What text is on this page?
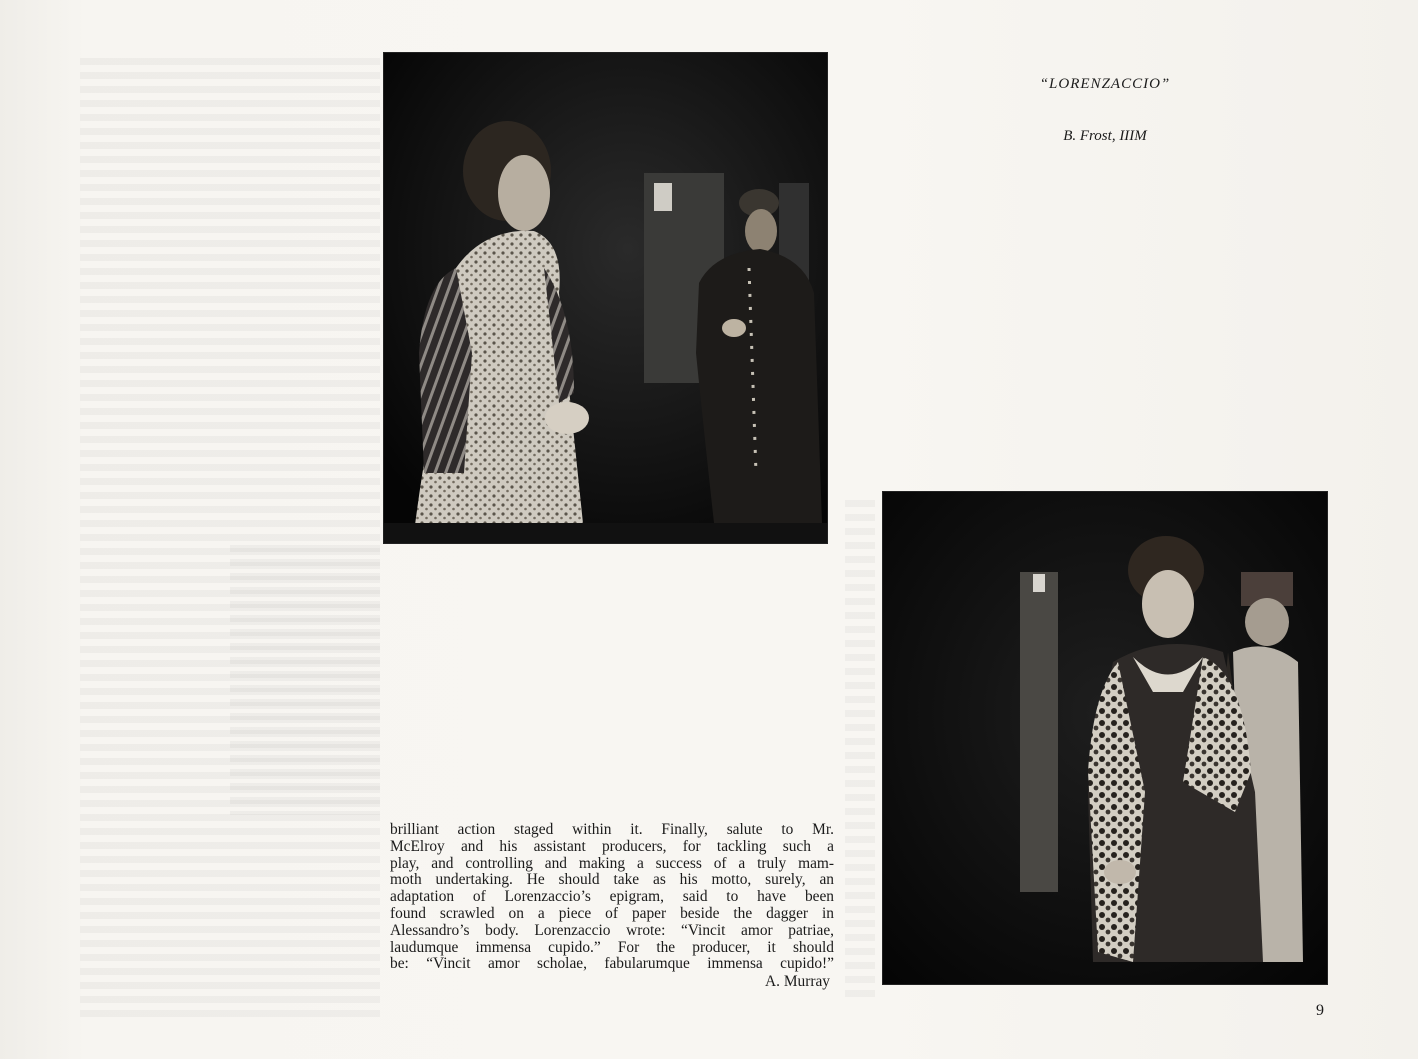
“LORENZACCIO”
B. Frost, IIIM
brilliant action staged within it. Finally, salute to Mr.
McElroy and his assistant producers, for tackling such a
play, and controlling and making a success of a truly mam-
moth undertaking. He should take as his motto, surely, an
adaptation of Lorenzaccio’s epigram, said to have been
found scrawled on a piece of paper beside the dagger in
Alessandro’s body. Lorenzaccio wrote: “Vincit amor patriae,
laudumque immensa cupido.” For the producer, it should
be: “Vincit amor scholae, fabularumque immensa cupido!”
A. Murray
9
